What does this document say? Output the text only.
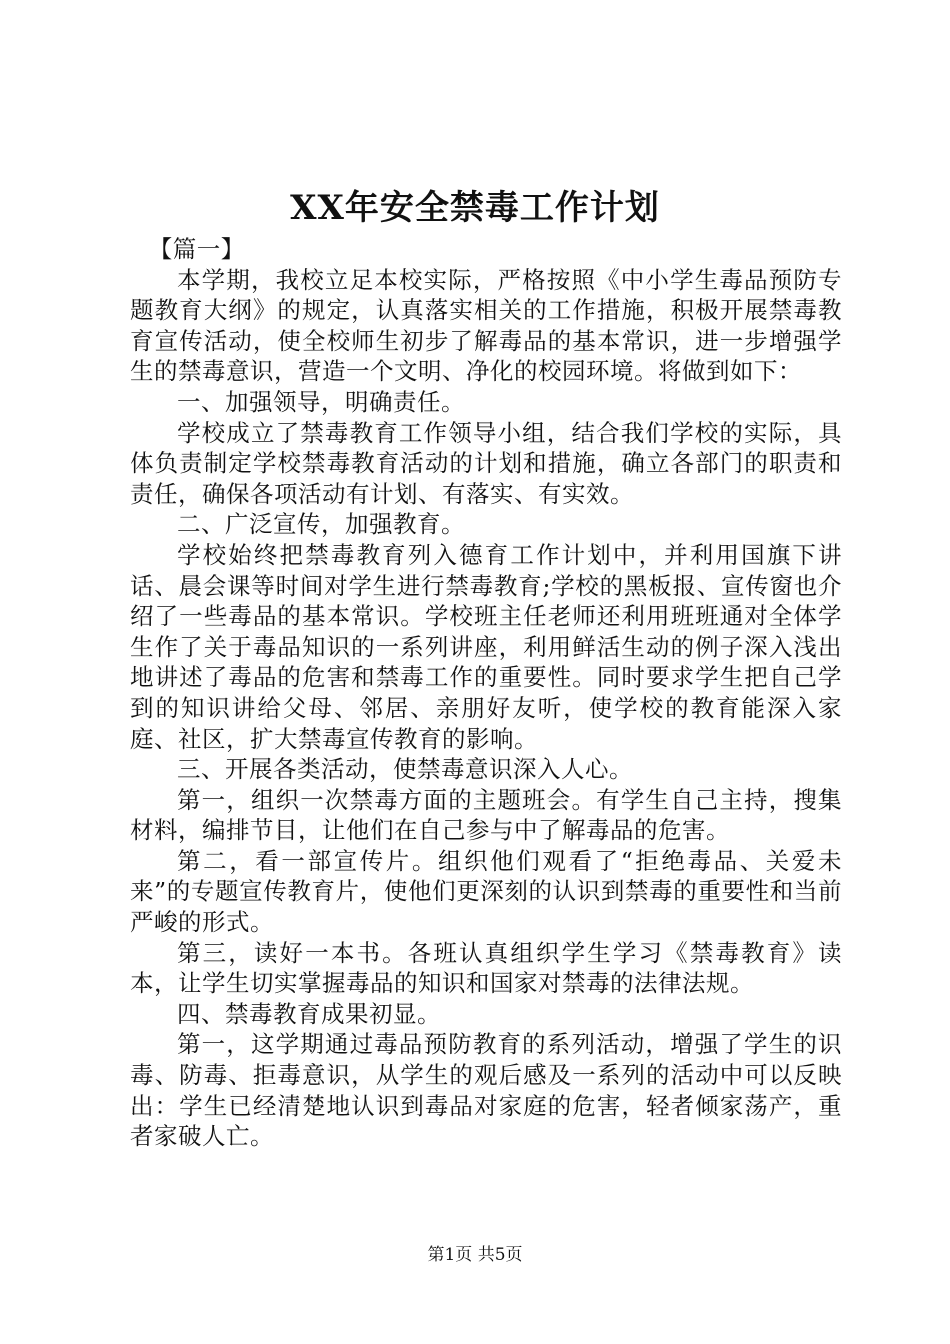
XX年安全禁毒工作计划

【篇一】

本学期，我校立足本校实际，严格按照《中小学生毒品预防专题教育大纲》的规定，认真落实相关的工作措施，积极开展禁毒教育宣传活动，使全校师生初步了解毒品的基本常识，进一步增强学生的禁毒意识，营造一个文明、净化的校园环境。将做到如下：

一、加强领导，明确责任。

学校成立了禁毒教育工作领导小组，结合我们学校的实际，具体负责制定学校禁毒教育活动的计划和措施，确立各部门的职责和责任，确保各项活动有计划、有落实、有实效。

二、广泛宣传，加强教育。

学校始终把禁毒教育列入德育工作计划中，并利用国旗下讲话、晨会课等时间对学生进行禁毒教育;学校的黑板报、宣传窗也介绍了一些毒品的基本常识。学校班主任老师还利用班班通对全体学生作了关于毒品知识的一系列讲座，利用鲜活生动的例子深入浅出地讲述了毒品的危害和禁毒工作的重要性。同时要求学生把自己学到的知识讲给父母、邻居、亲朋好友听，使学校的教育能深入家庭、社区，扩大禁毒宣传教育的影响。

三、开展各类活动，使禁毒意识深入人心。

第一，组织一次禁毒方面的主题班会。有学生自己主持，搜集材料，编排节目，让他们在自己参与中了解毒品的危害。

第二，看一部宣传片。组织他们观看了“拒绝毒品、关爱未来”的专题宣传教育片，使他们更深刻的认识到禁毒的重要性和当前严峻的形式。

第三，读好一本书。各班认真组织学生学习《禁毒教育》读本，让学生切实掌握毒品的知识和国家对禁毒的法律法规。

四、禁毒教育成果初显。

第一，这学期通过毒品预防教育的系列活动，增强了学生的识毒、防毒、拒毒意识，从学生的观后感及一系列的活动中可以反映出：学生已经清楚地认识到毒品对家庭的危害，轻者倾家荡产，重者家破人亡。

第1页 共5页
